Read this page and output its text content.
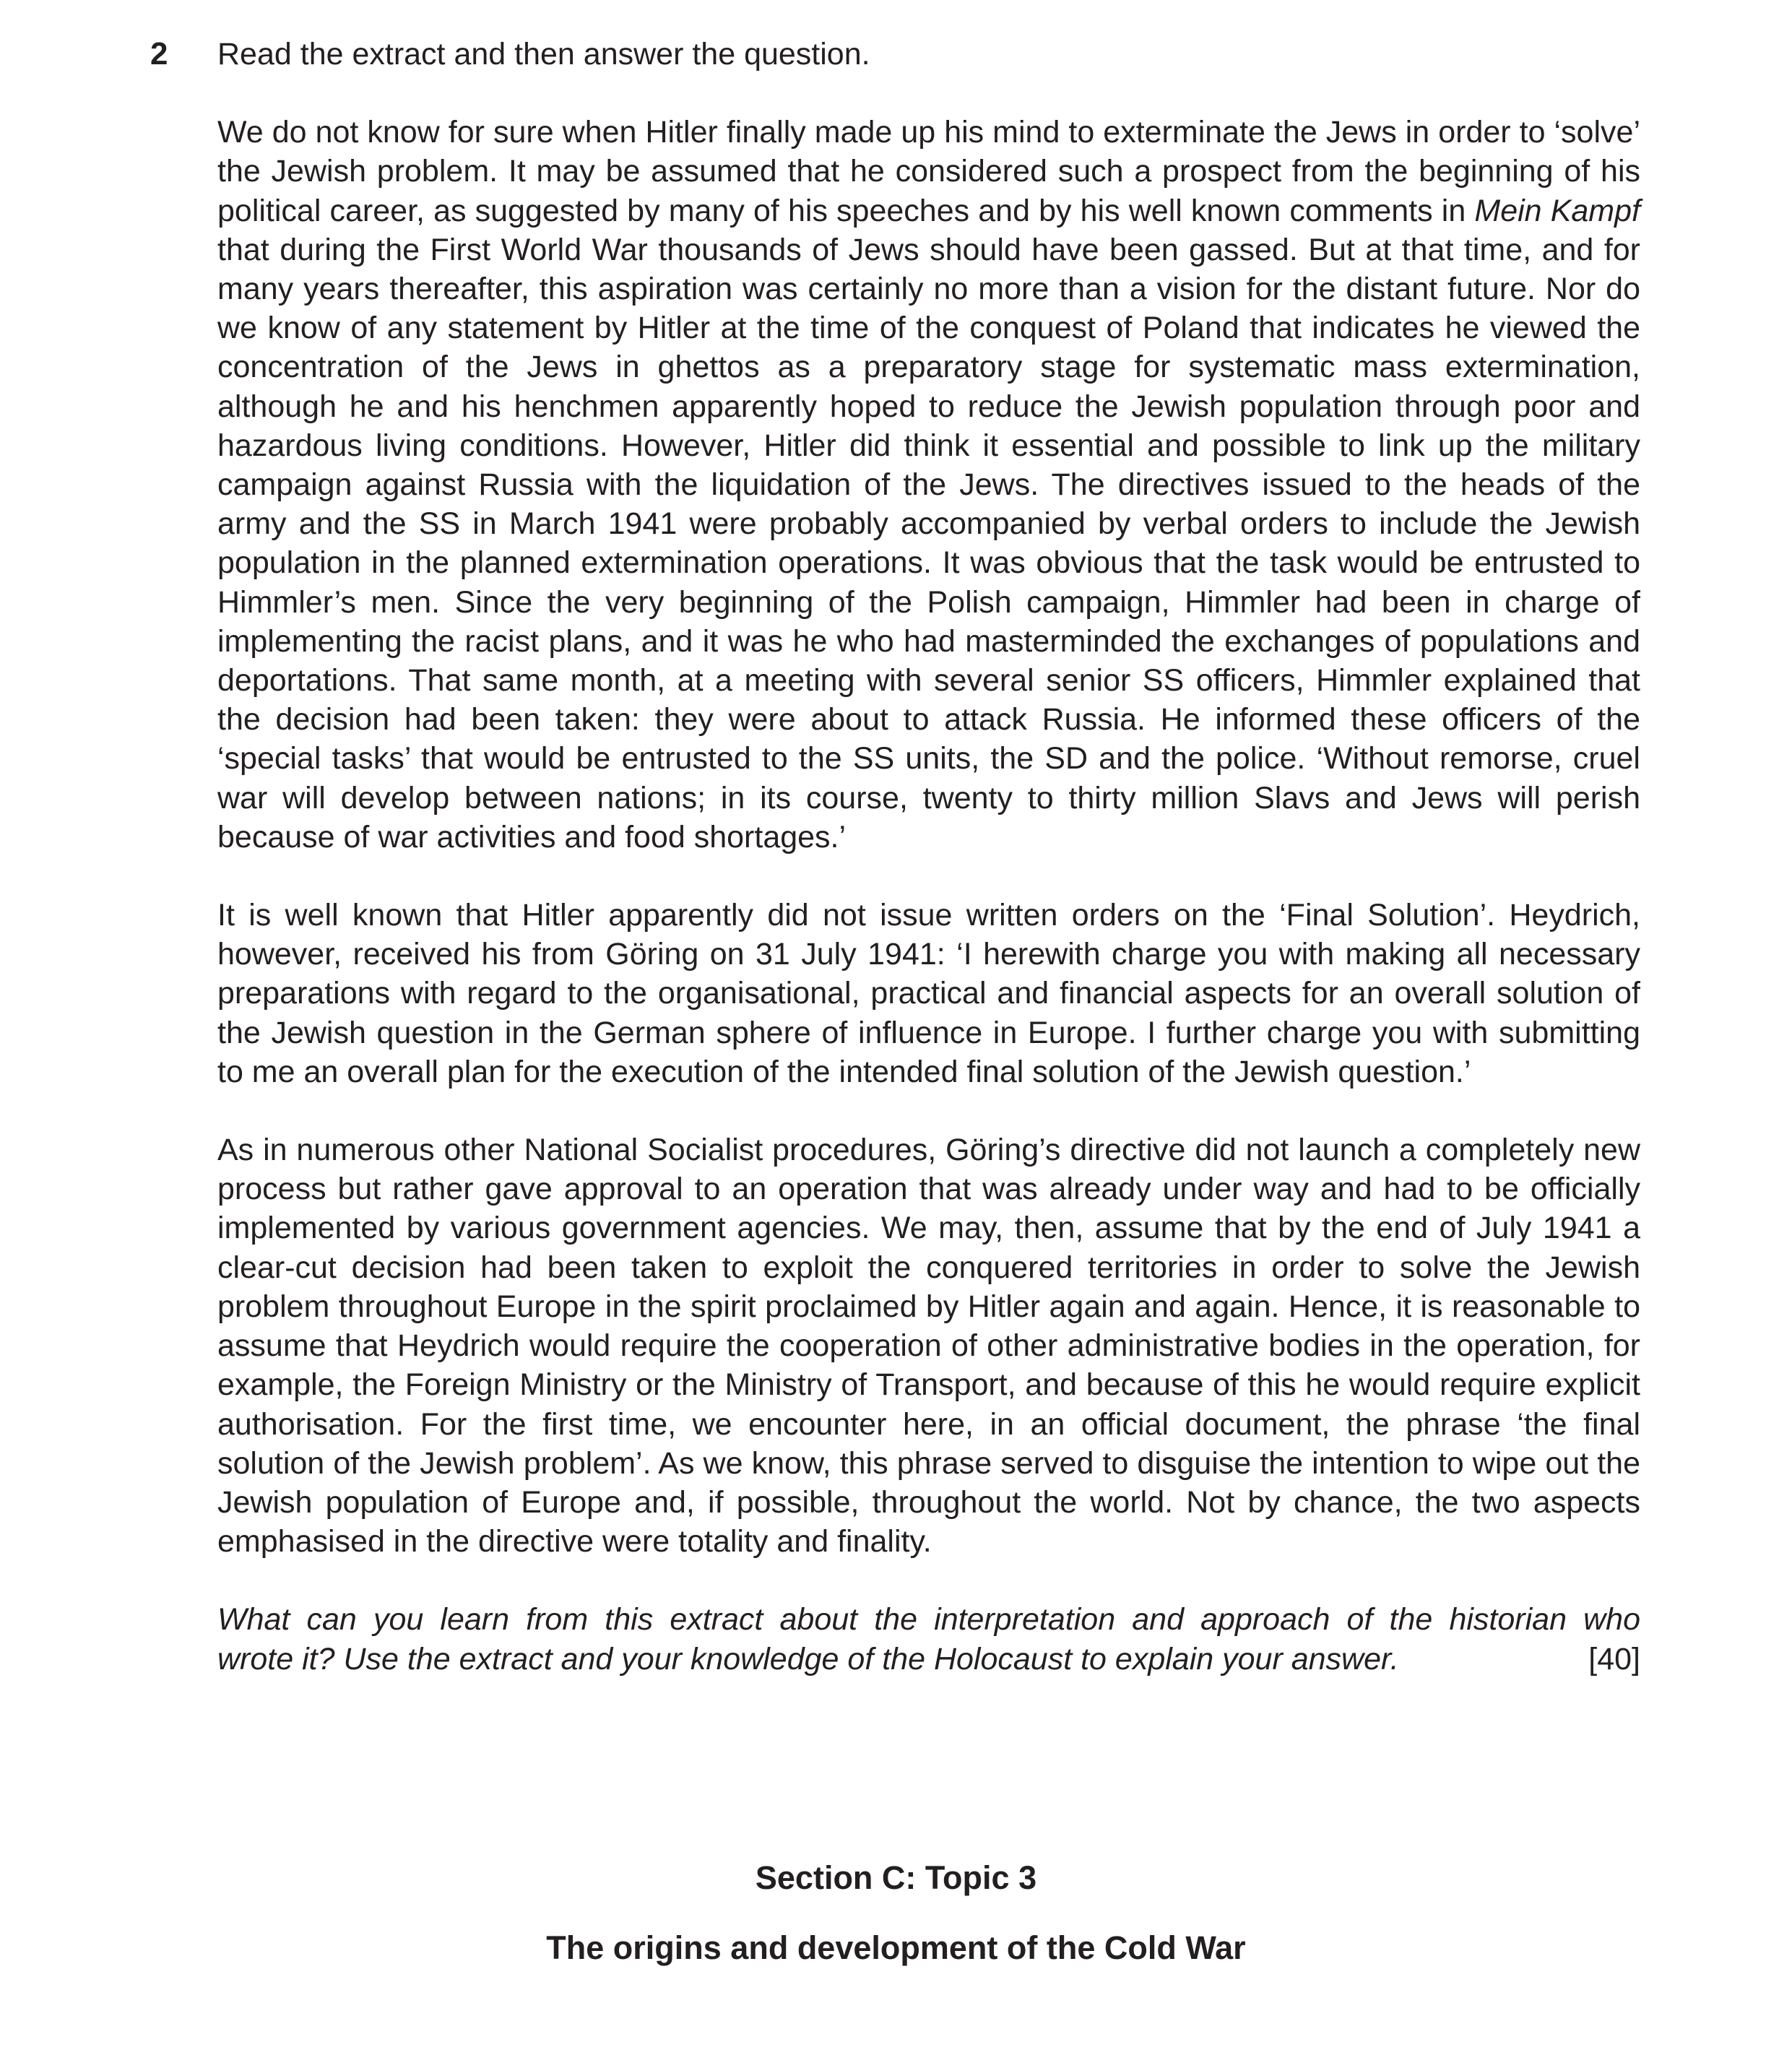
2 Read the extract and then answer the question.

We do not know for sure when Hitler finally made up his mind to exterminate the Jews in order to ‘solve’ the Jewish problem. It may be assumed that he considered such a prospect from the beginning of his political career, as suggested by many of his speeches and by his well known comments in Mein Kampf that during the First World War thousands of Jews should have been gassed. But at that time, and for many years thereafter, this aspiration was certainly no more than a vision for the distant future. Nor do we know of any statement by Hitler at the time of the conquest of Poland that indicates he viewed the concentration of the Jews in ghettos as a preparatory stage for systematic mass extermination, although he and his henchmen apparently hoped to reduce the Jewish population through poor and hazardous living conditions. However, Hitler did think it essential and possible to link up the military campaign against Russia with the liquidation of the Jews. The directives issued to the heads of the army and the SS in March 1941 were probably accompanied by verbal orders to include the Jewish population in the planned extermination operations. It was obvious that the task would be entrusted to Himmler’s men. Since the very beginning of the Polish campaign, Himmler had been in charge of implementing the racist plans, and it was he who had masterminded the exchanges of populations and deportations. That same month, at a meeting with several senior SS officers, Himmler explained that the decision had been taken: they were about to attack Russia. He informed these officers of the ‘special tasks’ that would be entrusted to the SS units, the SD and the police. ‘Without remorse, cruel war will develop between nations; in its course, twenty to thirty million Slavs and Jews will perish because of war activities and food shortages.’

It is well known that Hitler apparently did not issue written orders on the ‘Final Solution’. Heydrich, however, received his from Göring on 31 July 1941: ‘I herewith charge you with making all necessary preparations with regard to the organisational, practical and financial aspects for an overall solution of the Jewish question in the German sphere of influence in Europe. I further charge you with submitting to me an overall plan for the execution of the intended final solution of the Jewish question.’

As in numerous other National Socialist procedures, Göring’s directive did not launch a completely new process but rather gave approval to an operation that was already under way and had to be officially implemented by various government agencies. We may, then, assume that by the end of July 1941 a clear-cut decision had been taken to exploit the conquered territories in order to solve the Jewish problem throughout Europe in the spirit proclaimed by Hitler again and again. Hence, it is reasonable to assume that Heydrich would require the cooperation of other administrative bodies in the operation, for example, the Foreign Ministry or the Ministry of Transport, and because of this he would require explicit authorisation. For the first time, we encounter here, in an official document, the phrase ‘the final solution of the Jewish problem’. As we know, this phrase served to disguise the intention to wipe out the Jewish population of Europe and, if possible, throughout the world. Not by chance, the two aspects emphasised in the directive were totality and finality.

What can you learn from this extract about the interpretation and approach of the historian who
wrote it? Use the extract and your knowledge of the Holocaust to explain your answer.	[40]
Section C: Topic 3
The origins and development of the Cold War
